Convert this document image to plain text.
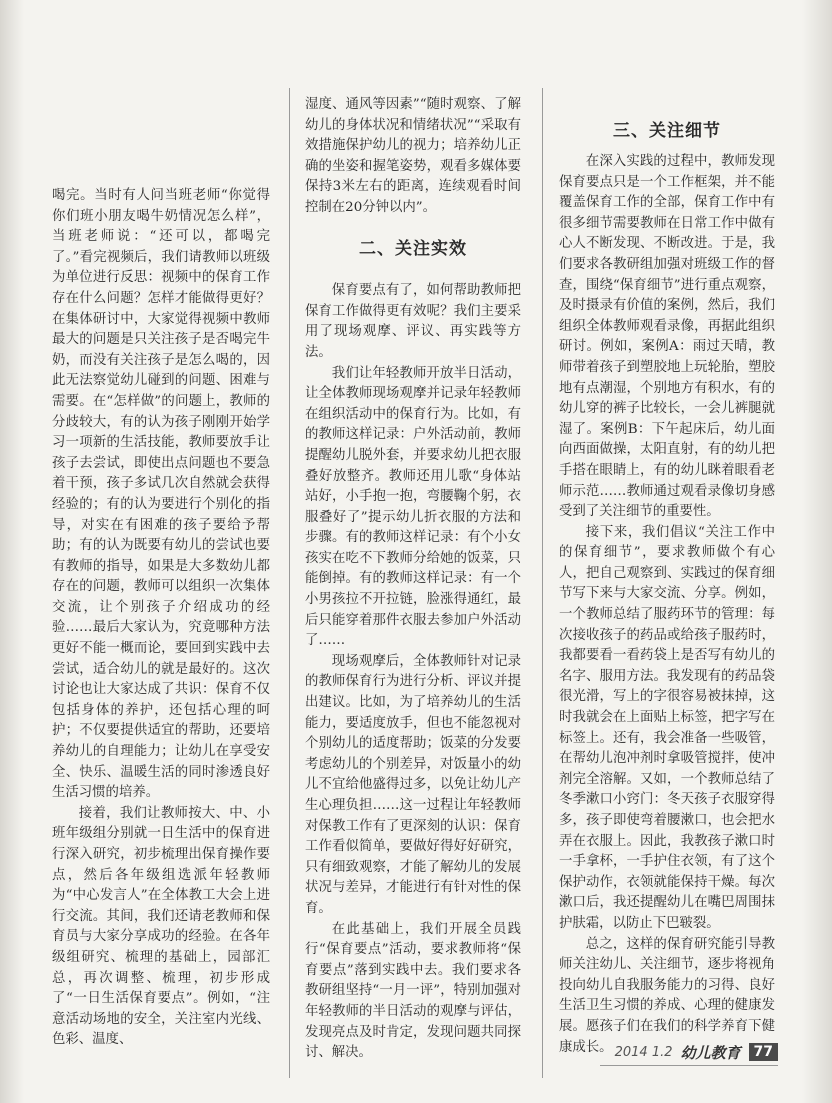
喝完。当时有人问当班老师“你觉得你们班小朋友喝牛奶情况怎么样”，当班老师说：“还可以，都喝完了。”看完视频后，我们请教师以班级为单位进行反思：视频中的保育工作存在什么问题？怎样才能做得更好？在集体研讨中，大家觉得视频中教师最大的问题是只关注孩子是否喝完牛奶，而没有关注孩子是怎么喝的，因此无法察觉幼儿碰到的问题、困难与需要。在“怎样做”的问题上，教师的分歧较大，有的认为孩子刚刚开始学习一项新的生活技能，教师要放手让孩子去尝试，即使出点问题也不要急着干预，孩子多试几次自然就会获得经验的；有的认为要进行个别化的指导，对实在有困难的孩子要给予帮助；有的认为既要有幼儿的尝试也要有教师的指导，如果是大多数幼儿都存在的问题，教师可以组织一次集体交流，让个别孩子介绍成功的经验……最后大家认为，究竟哪种方法更好不能一概而论，要回到实践中去尝试，适合幼儿的就是最好的。这次讨论也让大家达成了共识：保育不仅包括身体的养护，还包括心理的呵护；不仅要提供适宜的帮助，还要培养幼儿的自理能力；让幼儿在享受安全、快乐、温暖生活的同时渗透良好生活习惯的培养。

接着，我们让教师按大、中、小班年级组分别就一日生活中的保育进行深入研究，初步梳理出保育操作要点，然后各年级组选派年轻教师为“中心发言人”在全体教工大会上进行交流。其间，我们还请老教师和保育员与大家分享成功的经验。在各年级组研究、梳理的基础上，园部汇总，再次调整、梳理，初步形成了“一日生活保育要点”。例如，“注意活动场地的安全，关注室内光线、色彩、温度、

湿度、通风等因素”“随时观察、了解幼儿的身体状况和情绪状况”“采取有效措施保护幼儿的视力；培养幼儿正确的坐姿和握笔姿势，观看多媒体要保持3米左右的距离，连续观看时间控制在20分钟以内”。

二、关注实效

保育要点有了，如何帮助教师把保育工作做得更有效呢？我们主要采用了现场观摩、评议、再实践等方法。

我们让年轻教师开放半日活动，让全体教师现场观摩并记录年轻教师在组织活动中的保育行为。比如，有的教师这样记录：户外活动前，教师提醒幼儿脱外套，并要求幼儿把衣服叠好放整齐。教师还用儿歌“身体站站好，小手抱一抱，弯腰鞠个躬，衣服叠好了”提示幼儿折衣服的方法和步骤。有的教师这样记录：有个小女孩实在吃不下教师分给她的饭菜，只能倒掉。有的教师这样记录：有一个小男孩拉不开拉链，脸涨得通红，最后只能穿着那件衣服去参加户外活动了……

现场观摩后，全体教师针对记录的教师保育行为进行分析、评议并提出建议。比如，为了培养幼儿的生活能力，要适度放手，但也不能忽视对个别幼儿的适度帮助；饭菜的分发要考虑幼儿的个别差异，对饭量小的幼儿不宜给他盛得过多，以免让幼儿产生心理负担……这一过程让年轻教师对保教工作有了更深刻的认识：保育工作看似简单，要做好得好好研究，只有细致观察，才能了解幼儿的发展状况与差异，才能进行有针对性的保育。

在此基础上，我们开展全员践行“保育要点”活动，要求教师将“保育要点”落到实践中去。我们要求各教研组坚持“一月一评”，特别加强对年轻教师的半日活动的观摩与评估，发现亮点及时肯定，发现问题共同探讨、解决。

三、关注细节

在深入实践的过程中，教师发现保育要点只是一个工作框架，并不能覆盖保育工作的全部，保育工作中有很多细节需要教师在日常工作中做有心人不断发现、不断改进。于是，我们要求各教研组加强对班级工作的督查，围绕“保育细节”进行重点观察，及时摄录有价值的案例，然后，我们组织全体教师观看录像，再据此组织研讨。例如，案例A：雨过天晴，教师带着孩子到塑胶地上玩轮胎，塑胶地有点潮湿，个别地方有积水，有的幼儿穿的裤子比较长，一会儿裤腿就湿了。案例B：下午起床后，幼儿面向西面做操，太阳直射，有的幼儿把手搭在眼睛上，有的幼儿眯着眼看老师示范……教师通过观看录像切身感受到了关注细节的重要性。

接下来，我们倡议“关注工作中的保育细节”，要求教师做个有心人，把自己观察到、实践过的保育细节写下来与大家交流、分享。例如，一个教师总结了服药环节的管理：每次接收孩子的药品或给孩子服药时，我都要看一看药袋上是否写有幼儿的名字、服用方法。我发现有的药品袋很光滑，写上的字很容易被抹掉，这时我就会在上面贴上标签，把字写在标签上。还有，我会准备一些吸管，在帮幼儿泡冲剂时拿吸管搅拌，使冲剂完全溶解。又如，一个教师总结了冬季漱口小窍门：冬天孩子衣服穿得多，孩子即使弯着腰漱口，也会把水弄在衣服上。因此，我教孩子漱口时一手拿杯，一手护住衣领，有了这个保护动作，衣领就能保持干燥。每次漱口后，我还提醒幼儿在嘴巴周围抹护肤霜，以防止下巴皲裂。

总之，这样的保育研究能引导教师关注幼儿、关注细节，逐步将视角投向幼儿自我服务能力的习得、良好生活卫生习惯的养成、心理的健康发展。愿孩子们在我们的科学养育下健康成长。 2014 1.2 幼儿教育 77
